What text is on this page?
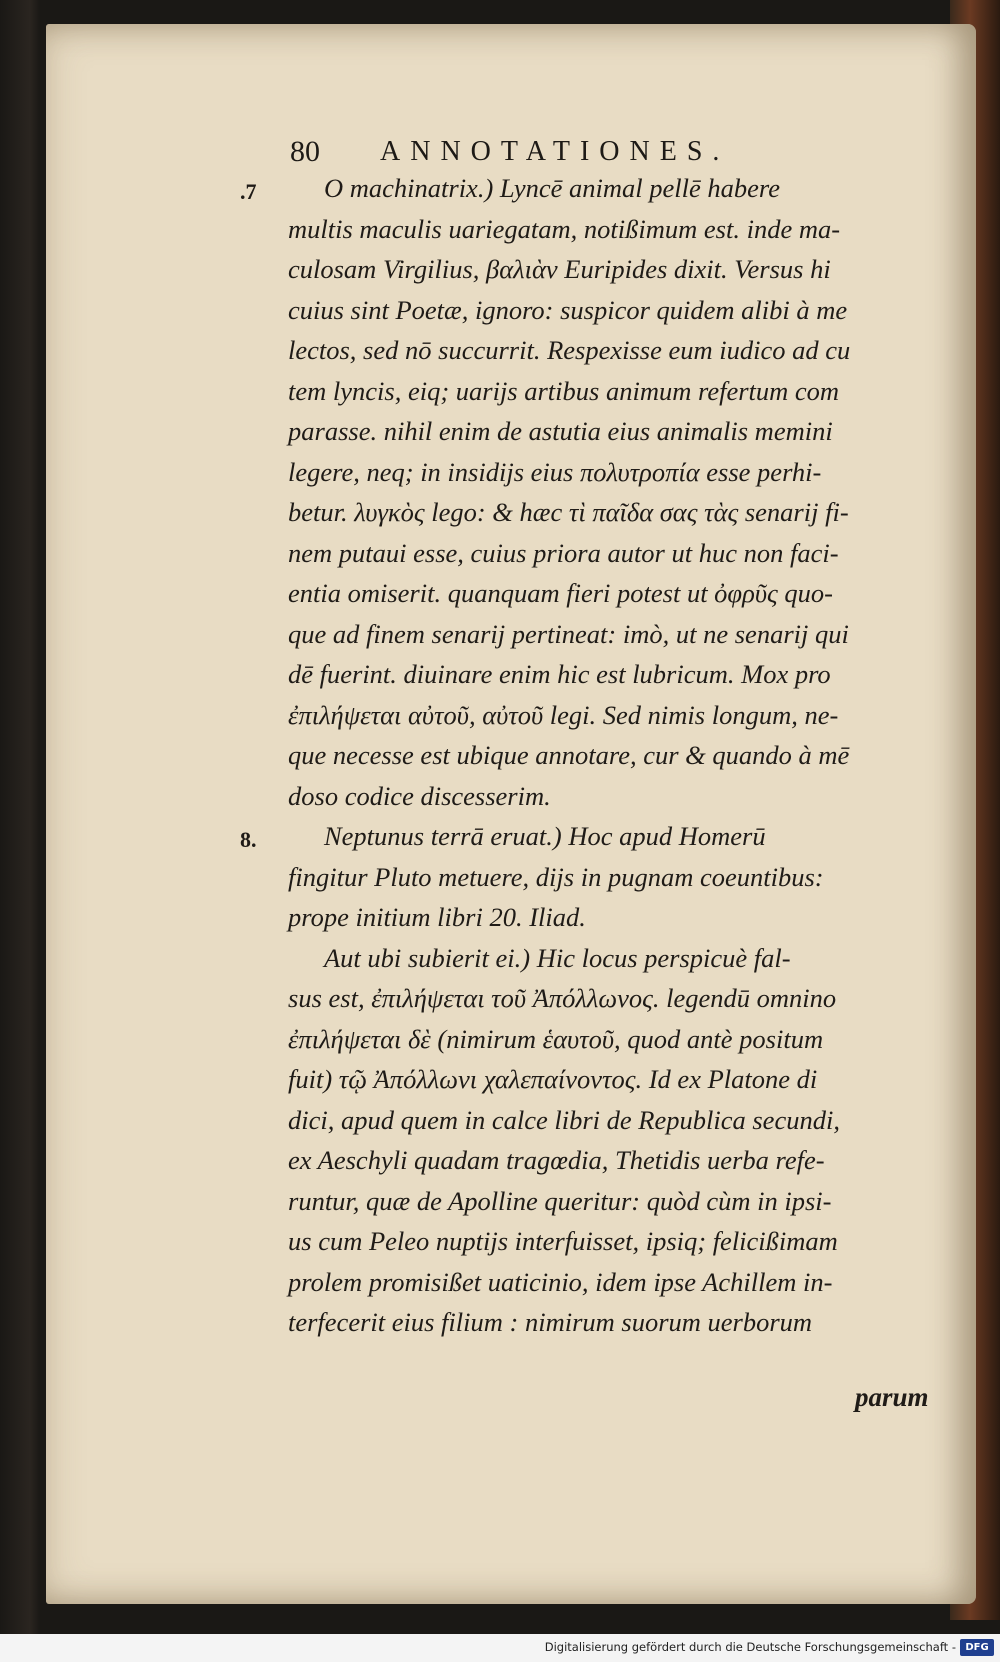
80	ANNOTATIONES.
.7	O machinatrix.) Lyncē animal pellē habere
multis maculis uariegatam, notißimum est. inde ma-
culosam Virgilius, βαλιὰν Euripides dixit. Versus hi
cuius sint Poetæ, ignoro: suspicor quidem alibi à me
lectos, sed nō succurrit. Respexisse eum iudico ad cu
tem lyncis, eiq; uarijs artibus animum refertum com
parasse. nihil enim de astutia eius animalis memini
legere, neq; in insidijs eius πολυτροπία esse perhi-
betur. λυγκὸς lego: & hæc τὶ παῖδα σας τὰς senarij fi-
nem putaui esse, cuius priora autor ut huc non faci-
entia omiserit. quanquam fieri potest ut ὀφρῦς quo-
que ad finem senarij pertineat: imò, ut ne senarij qui
dē fuerint. diuinare enim hic est lubricum. Mox pro
ἐπιλήψεται αὐτοῦ, αὐτοῦ legi. Sed nimis longum, ne-
que necesse est ubique annotare, cur & quando à mē
doso codice discesserim.
8.	Neptunus terrā eruat.) Hoc apud Homerū
fingitur Pluto metuere, dijs in pugnam coeuntibus:
prope initium libri 20. Iliad.
Aut ubi subierit ei.) Hic locus perspicuè fal-
sus est, ἐπιλήψεται τοῦ Ἀπόλλωνος. legendū omnino
ἐπιλήψεται δὲ (nimirum ἑαυτοῦ, quod antè positum
fuit) τῷ Ἀπόλλωνι χαλεπαίνοντος. Id ex Platone di
dici, apud quem in calce libri de Republica secundi,
ex Aeschyli quadam tragœdia, Thetidis uerba refe-
runtur, quæ de Apolline queritur: quòd cùm in ipsi-
us cum Peleo nuptijs interfuisset, ipsiq; felicißimam
prolem promisißet uaticinio, idem ipse Achillem in-
terfecerit eius filium : nimirum suorum uerborum
parum
Digitalisierung gefördert durch die Deutsche Forschungsgemeinschaft - DFG
